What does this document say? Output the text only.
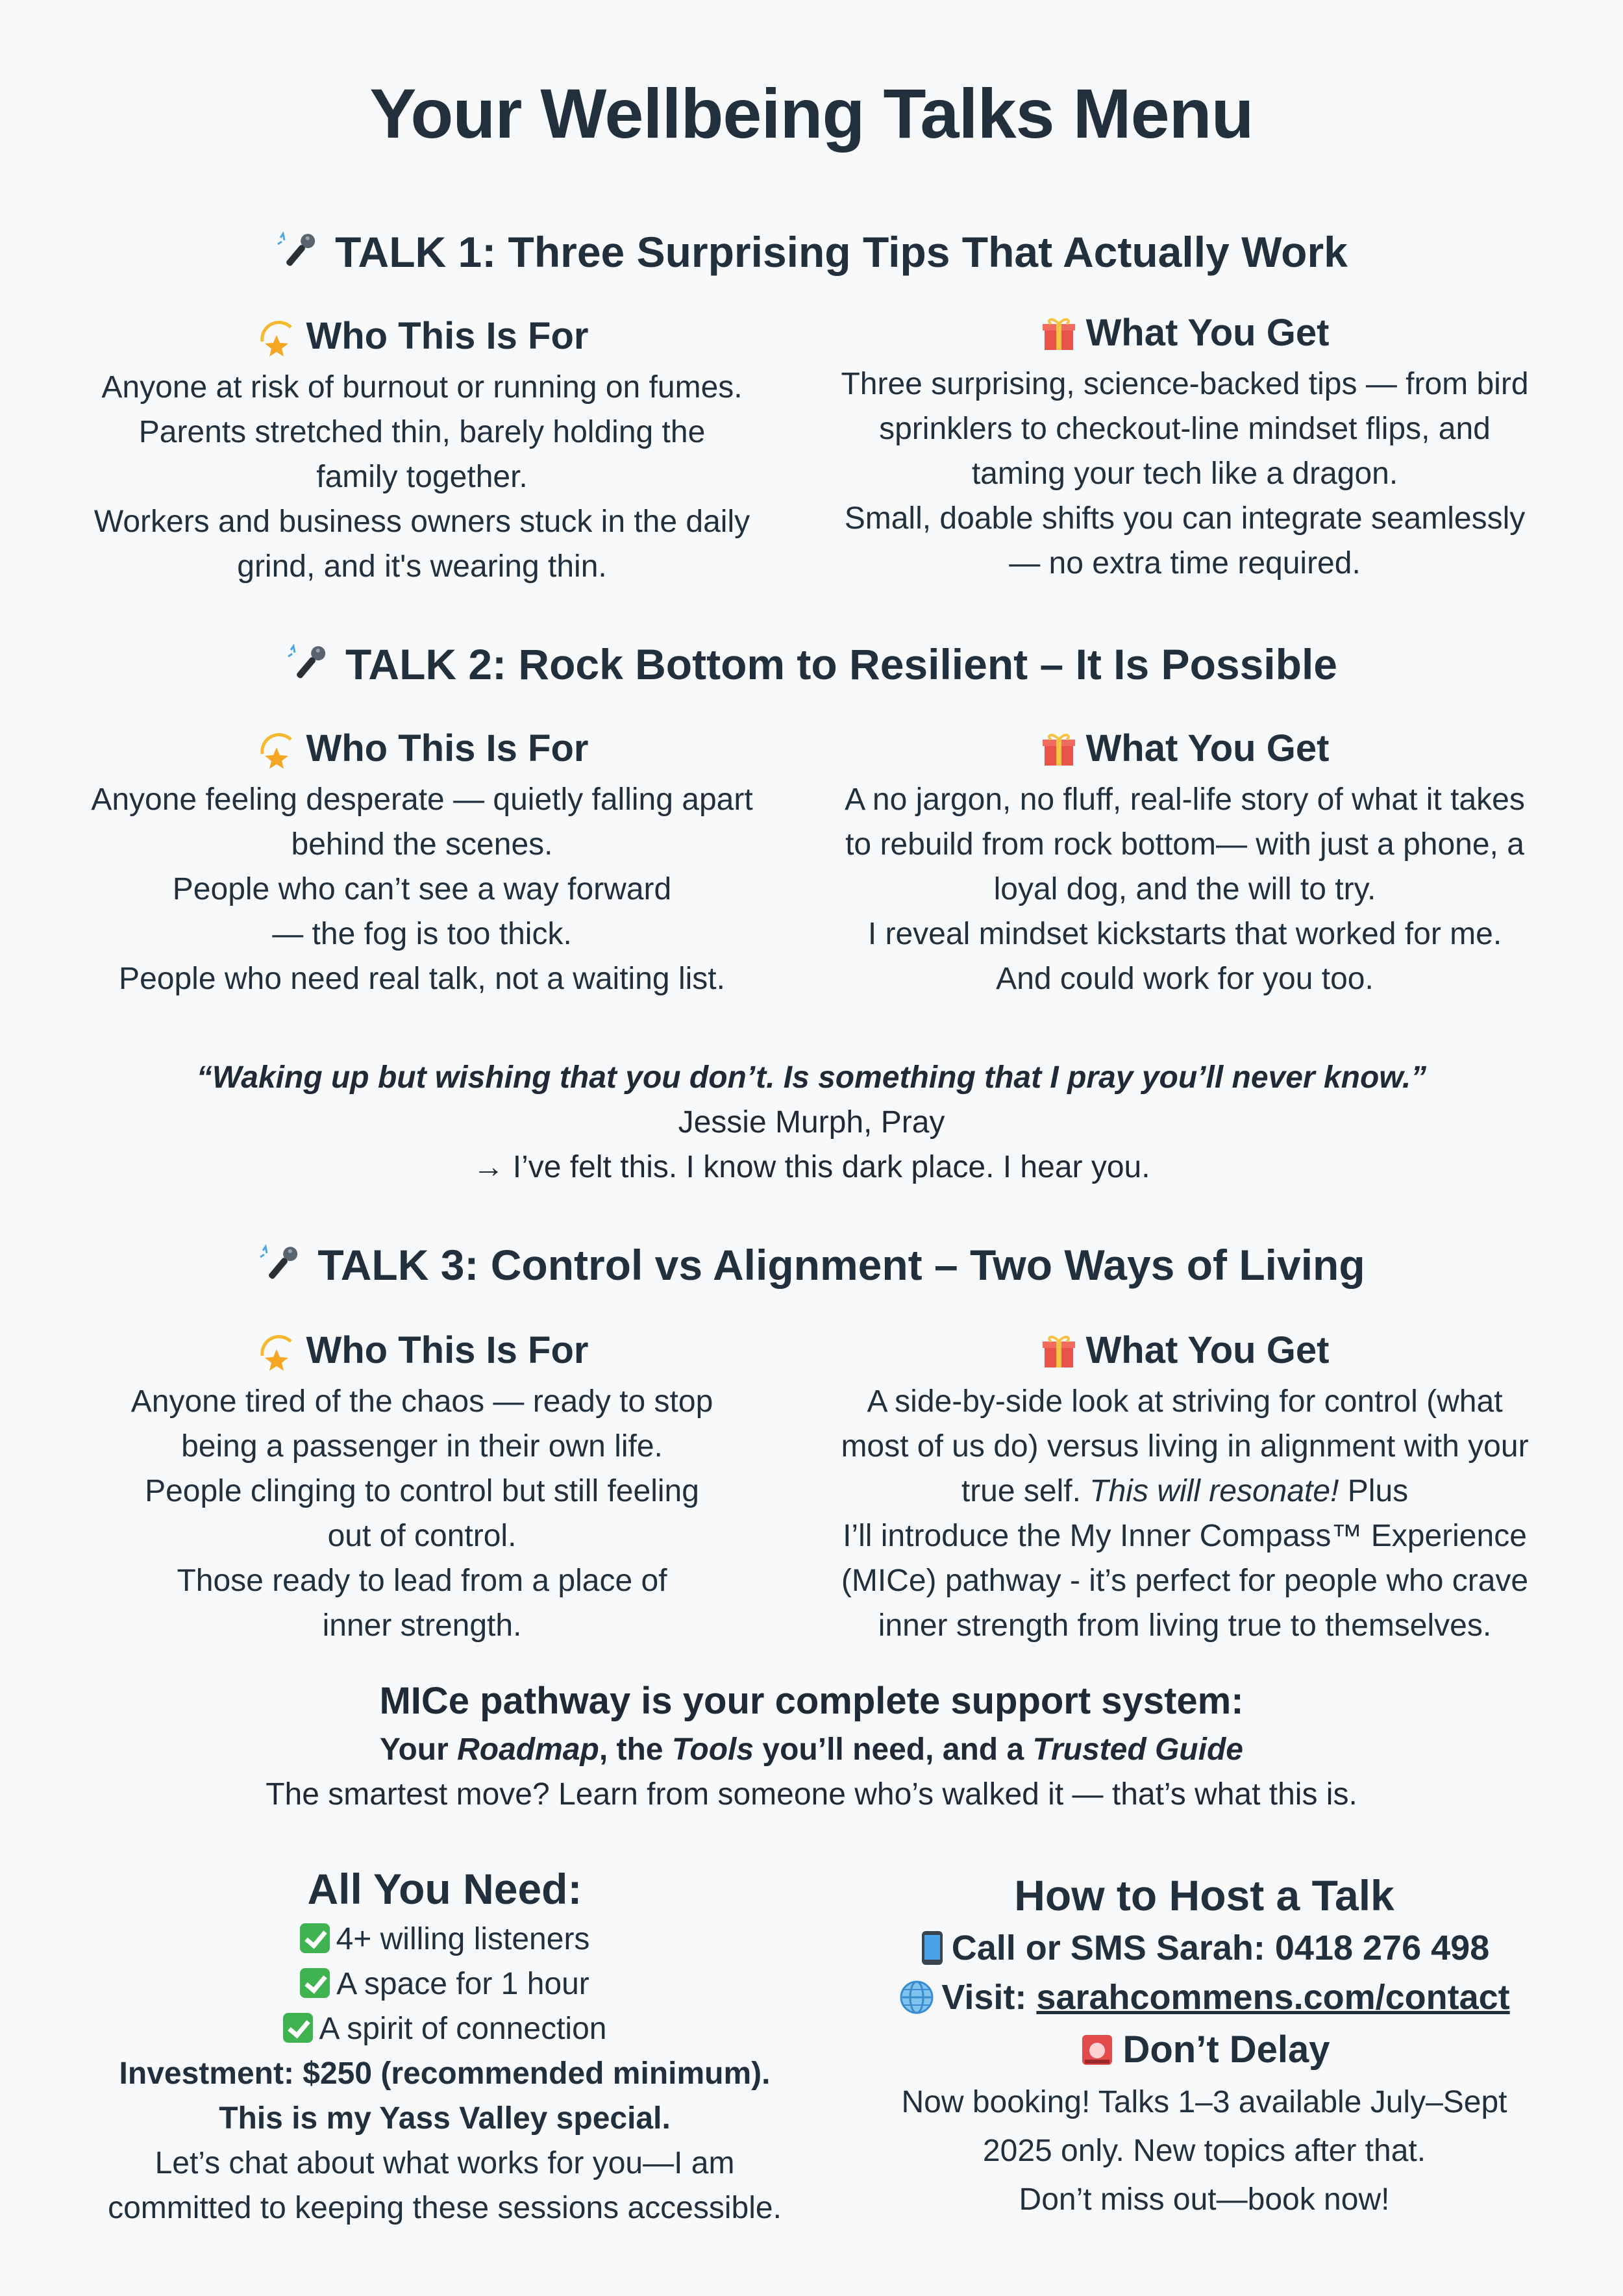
Your Wellbeing Talks Menu
TALK 1: Three Surprising Tips That Actually Work
Who This Is For

Anyone at risk of burnout or running on fumes.

Parents stretched thin, barely holding the

family together.

Workers and business owners stuck in the daily

grind, and it's wearing thin.

What You Get

Three surprising, science-backed tips — from bird

sprinklers to checkout-line mindset flips, and

taming your tech like a dragon.

Small, doable shifts you can integrate seamlessly

— no extra time required.

TALK 2: Rock Bottom to Resilient – It Is Possible
Who This Is For

Anyone feeling desperate — quietly falling apart

behind the scenes.

People who can’t see a way forward

— the fog is too thick.

People who need real talk, not a waiting list.

What You Get

A no jargon, no fluff, real-life story of what it takes

to rebuild from rock bottom— with just a phone, a

loyal dog, and the will to try.

I reveal mindset kickstarts that worked for me.

And could work for you too.

“Waking up but wishing that you don’t. Is something that I pray you’ll never know.”
Jessie Murph, Pray
→ I’ve felt this. I know this dark place. I hear you.
TALK 3: Control vs Alignment – Two Ways of Living
Who This Is For

Anyone tired of the chaos — ready to stop

being a passenger in their own life.

People clinging to control but still feeling

out of control.

Those ready to lead from a place of

inner strength.

What You Get

A side-by-side look at striving for control (what

most of us do) versus living in alignment with your

true self. This will resonate! Plus

I’ll introduce the My Inner Compass™ Experience

(MICe) pathway - it’s perfect for people who crave

inner strength from living true to themselves.

MICe pathway is your complete support system:
Your Roadmap, the Tools you’ll need, and a Trusted Guide
The smartest move? Learn from someone who’s walked it — that’s what this is.
All You Need:
4+ willing listeners
A space for 1 hour
A spirit of connection
Investment: $250 (recommended minimum).
This is my Yass Valley special.
Let’s chat about what works for you—I am
committed to keeping these sessions accessible.
How to Host a Talk
Call or SMS Sarah: 0418 276 498
Visit: sarahcommens.com/contact
Don’t Delay
Now booking! Talks 1–3 available July–Sept
2025 only. New topics after that.
Don’t miss out—book now!
